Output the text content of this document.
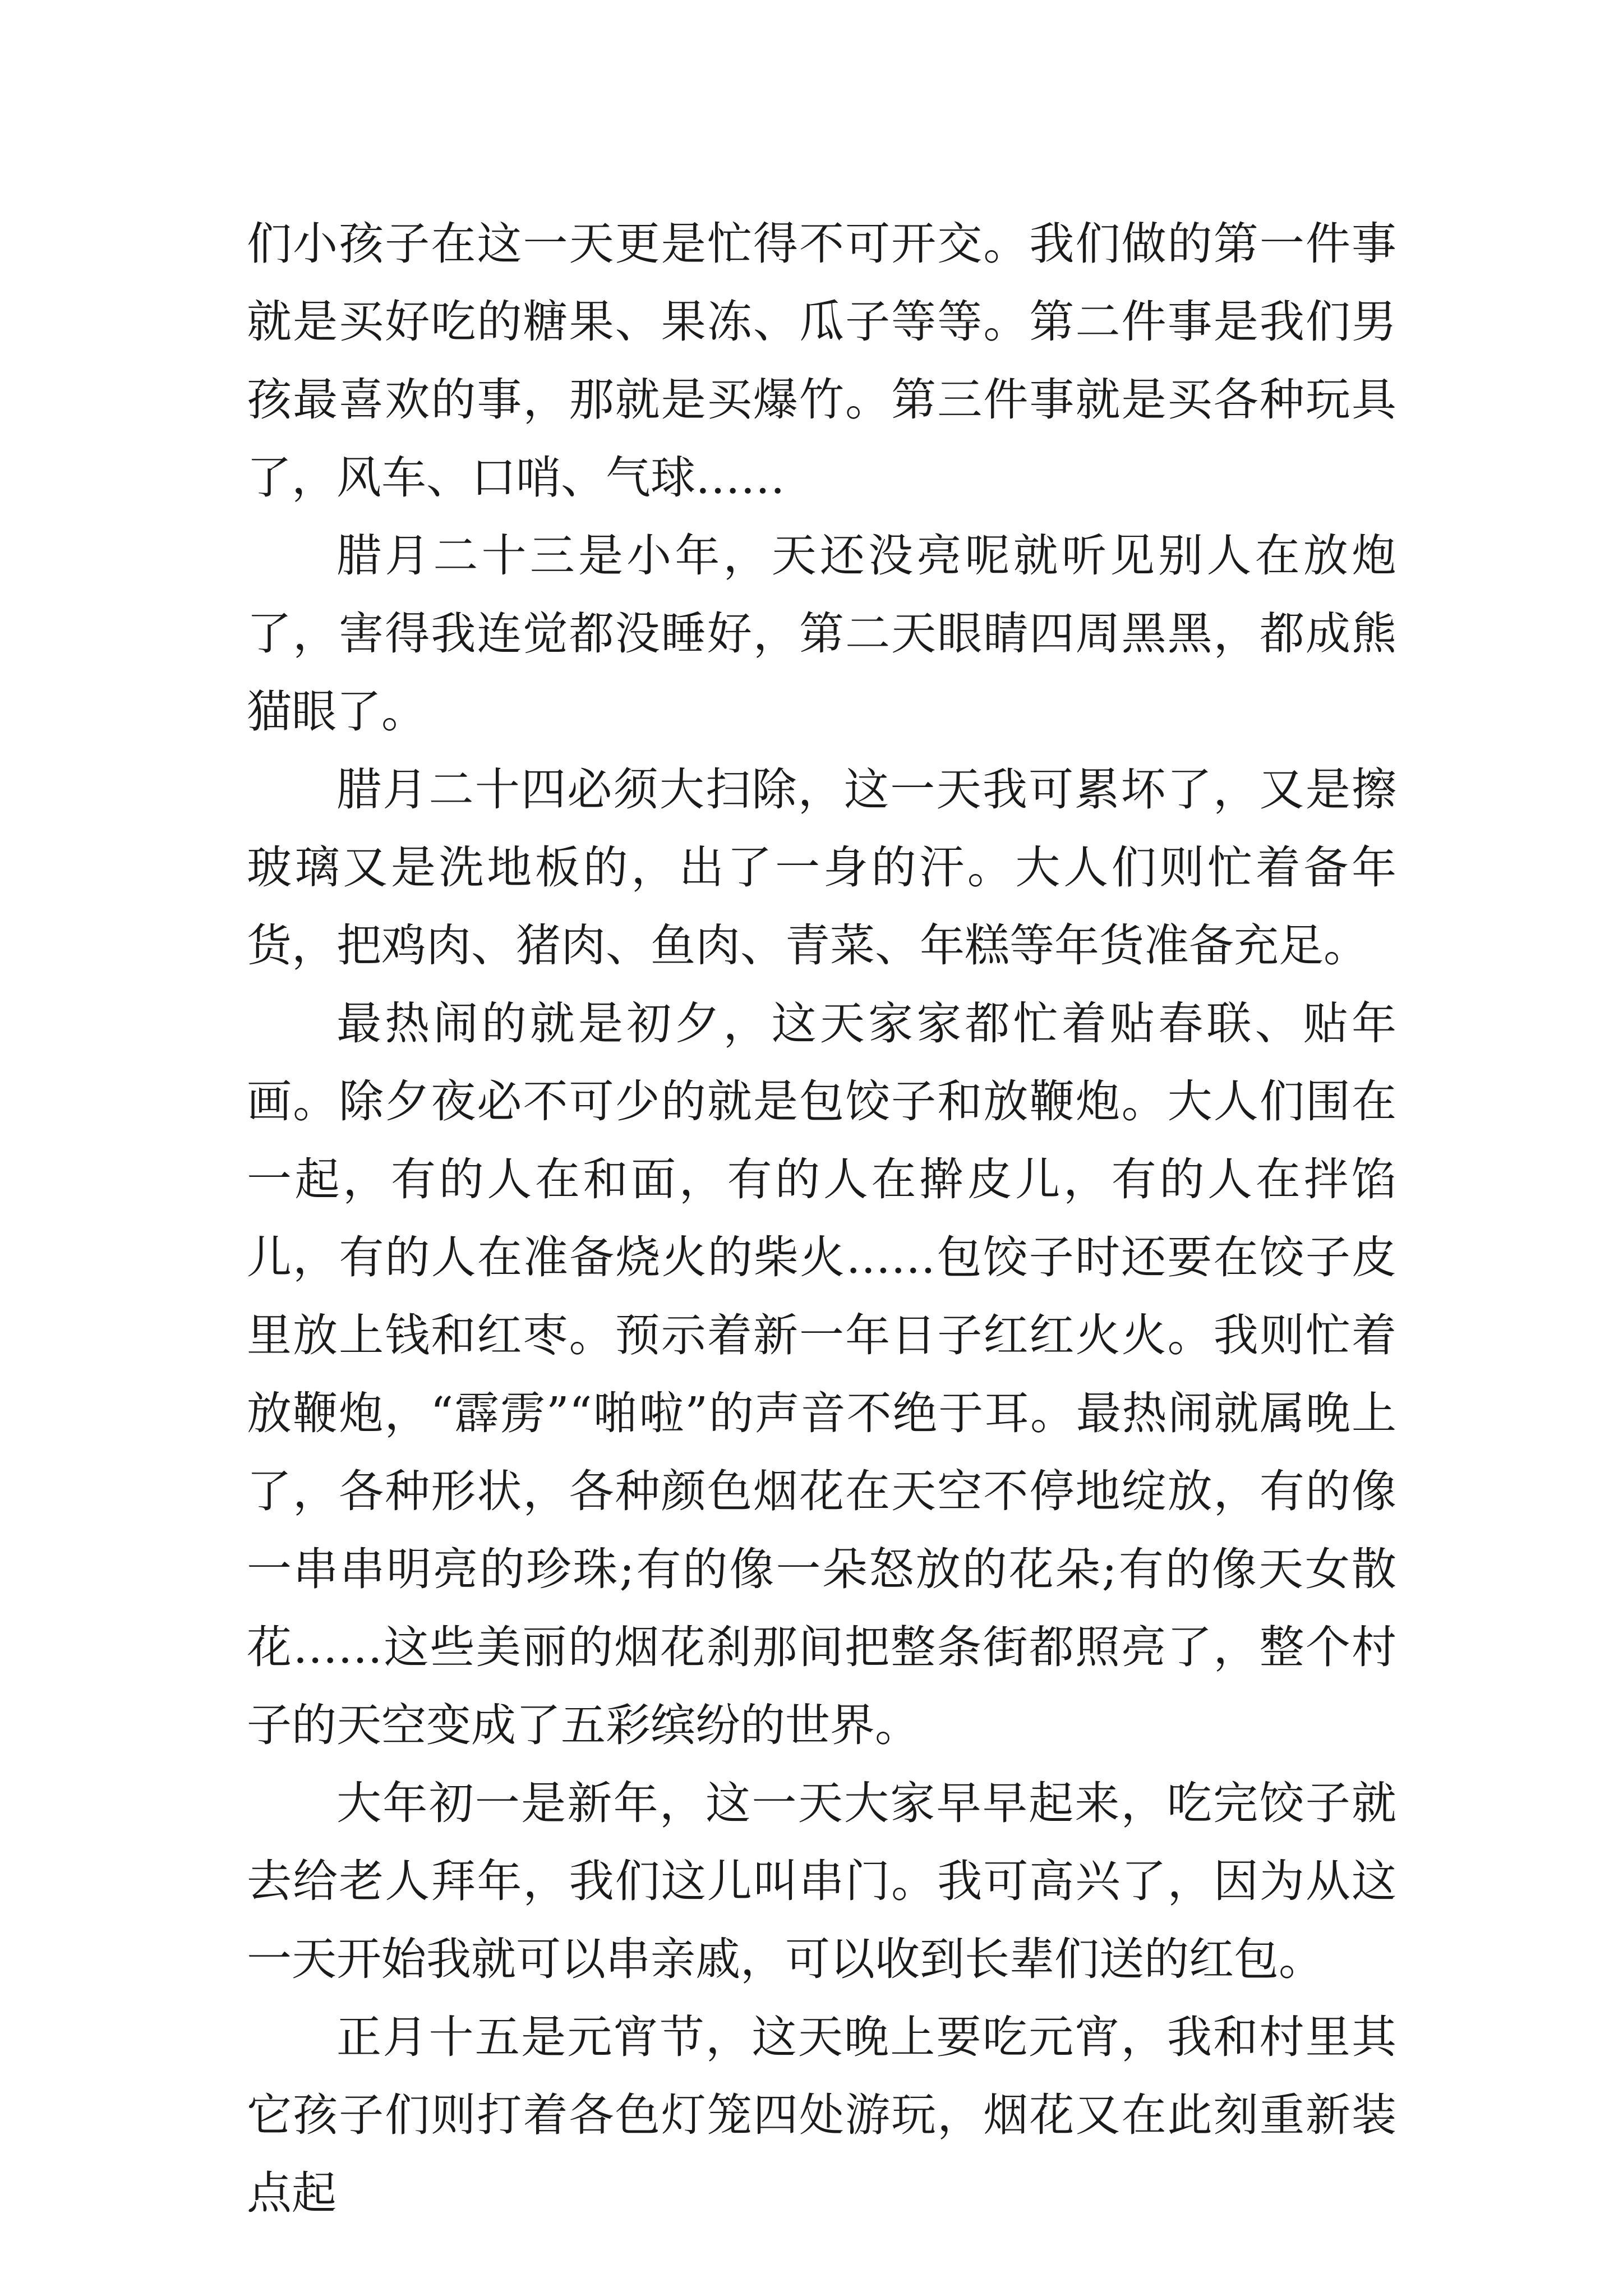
们小孩子在这一天更是忙得不可开交。我们做的第一件事就是买好吃的糖果、果冻、瓜子等等。第二件事是我们男孩最喜欢的事，那就是买爆竹。第三件事就是买各种玩具了，风车、口哨、气球……

腊月二十三是小年，天还没亮呢就听见别人在放炮了，害得我连觉都没睡好，第二天眼睛四周黑黑，都成熊猫眼了。

腊月二十四必须大扫除，这一天我可累坏了，又是擦玻璃又是洗地板的，出了一身的汗。大人们则忙着备年货，把鸡肉、猪肉、鱼肉、青菜、年糕等年货准备充足。

最热闹的就是初夕，这天家家都忙着贴春联、贴年画。除夕夜必不可少的就是包饺子和放鞭炮。大人们围在一起，有的人在和面，有的人在擀皮儿，有的人在拌馅儿，有的人在准备烧火的柴火……包饺子时还要在饺子皮里放上钱和红枣。预示着新一年日子红红火火。我则忙着放鞭炮，“霹雳”“啪啦”的声音不绝于耳。最热闹就属晚上了，各种形状，各种颜色烟花在天空不停地绽放，有的像一串串明亮的珍珠;有的像一朵怒放的花朵;有的像天女散花……这些美丽的烟花刹那间把整条街都照亮了，整个村子的天空变成了五彩缤纷的世界。

大年初一是新年，这一天大家早早起来，吃完饺子就去给老人拜年，我们这儿叫串门。我可高兴了，因为从这一天开始我就可以串亲戚，可以收到长辈们送的红包。

正月十五是元宵节，这天晚上要吃元宵，我和村里其它孩子们则打着各色灯笼四处游玩，烟花又在此刻重新装点起
